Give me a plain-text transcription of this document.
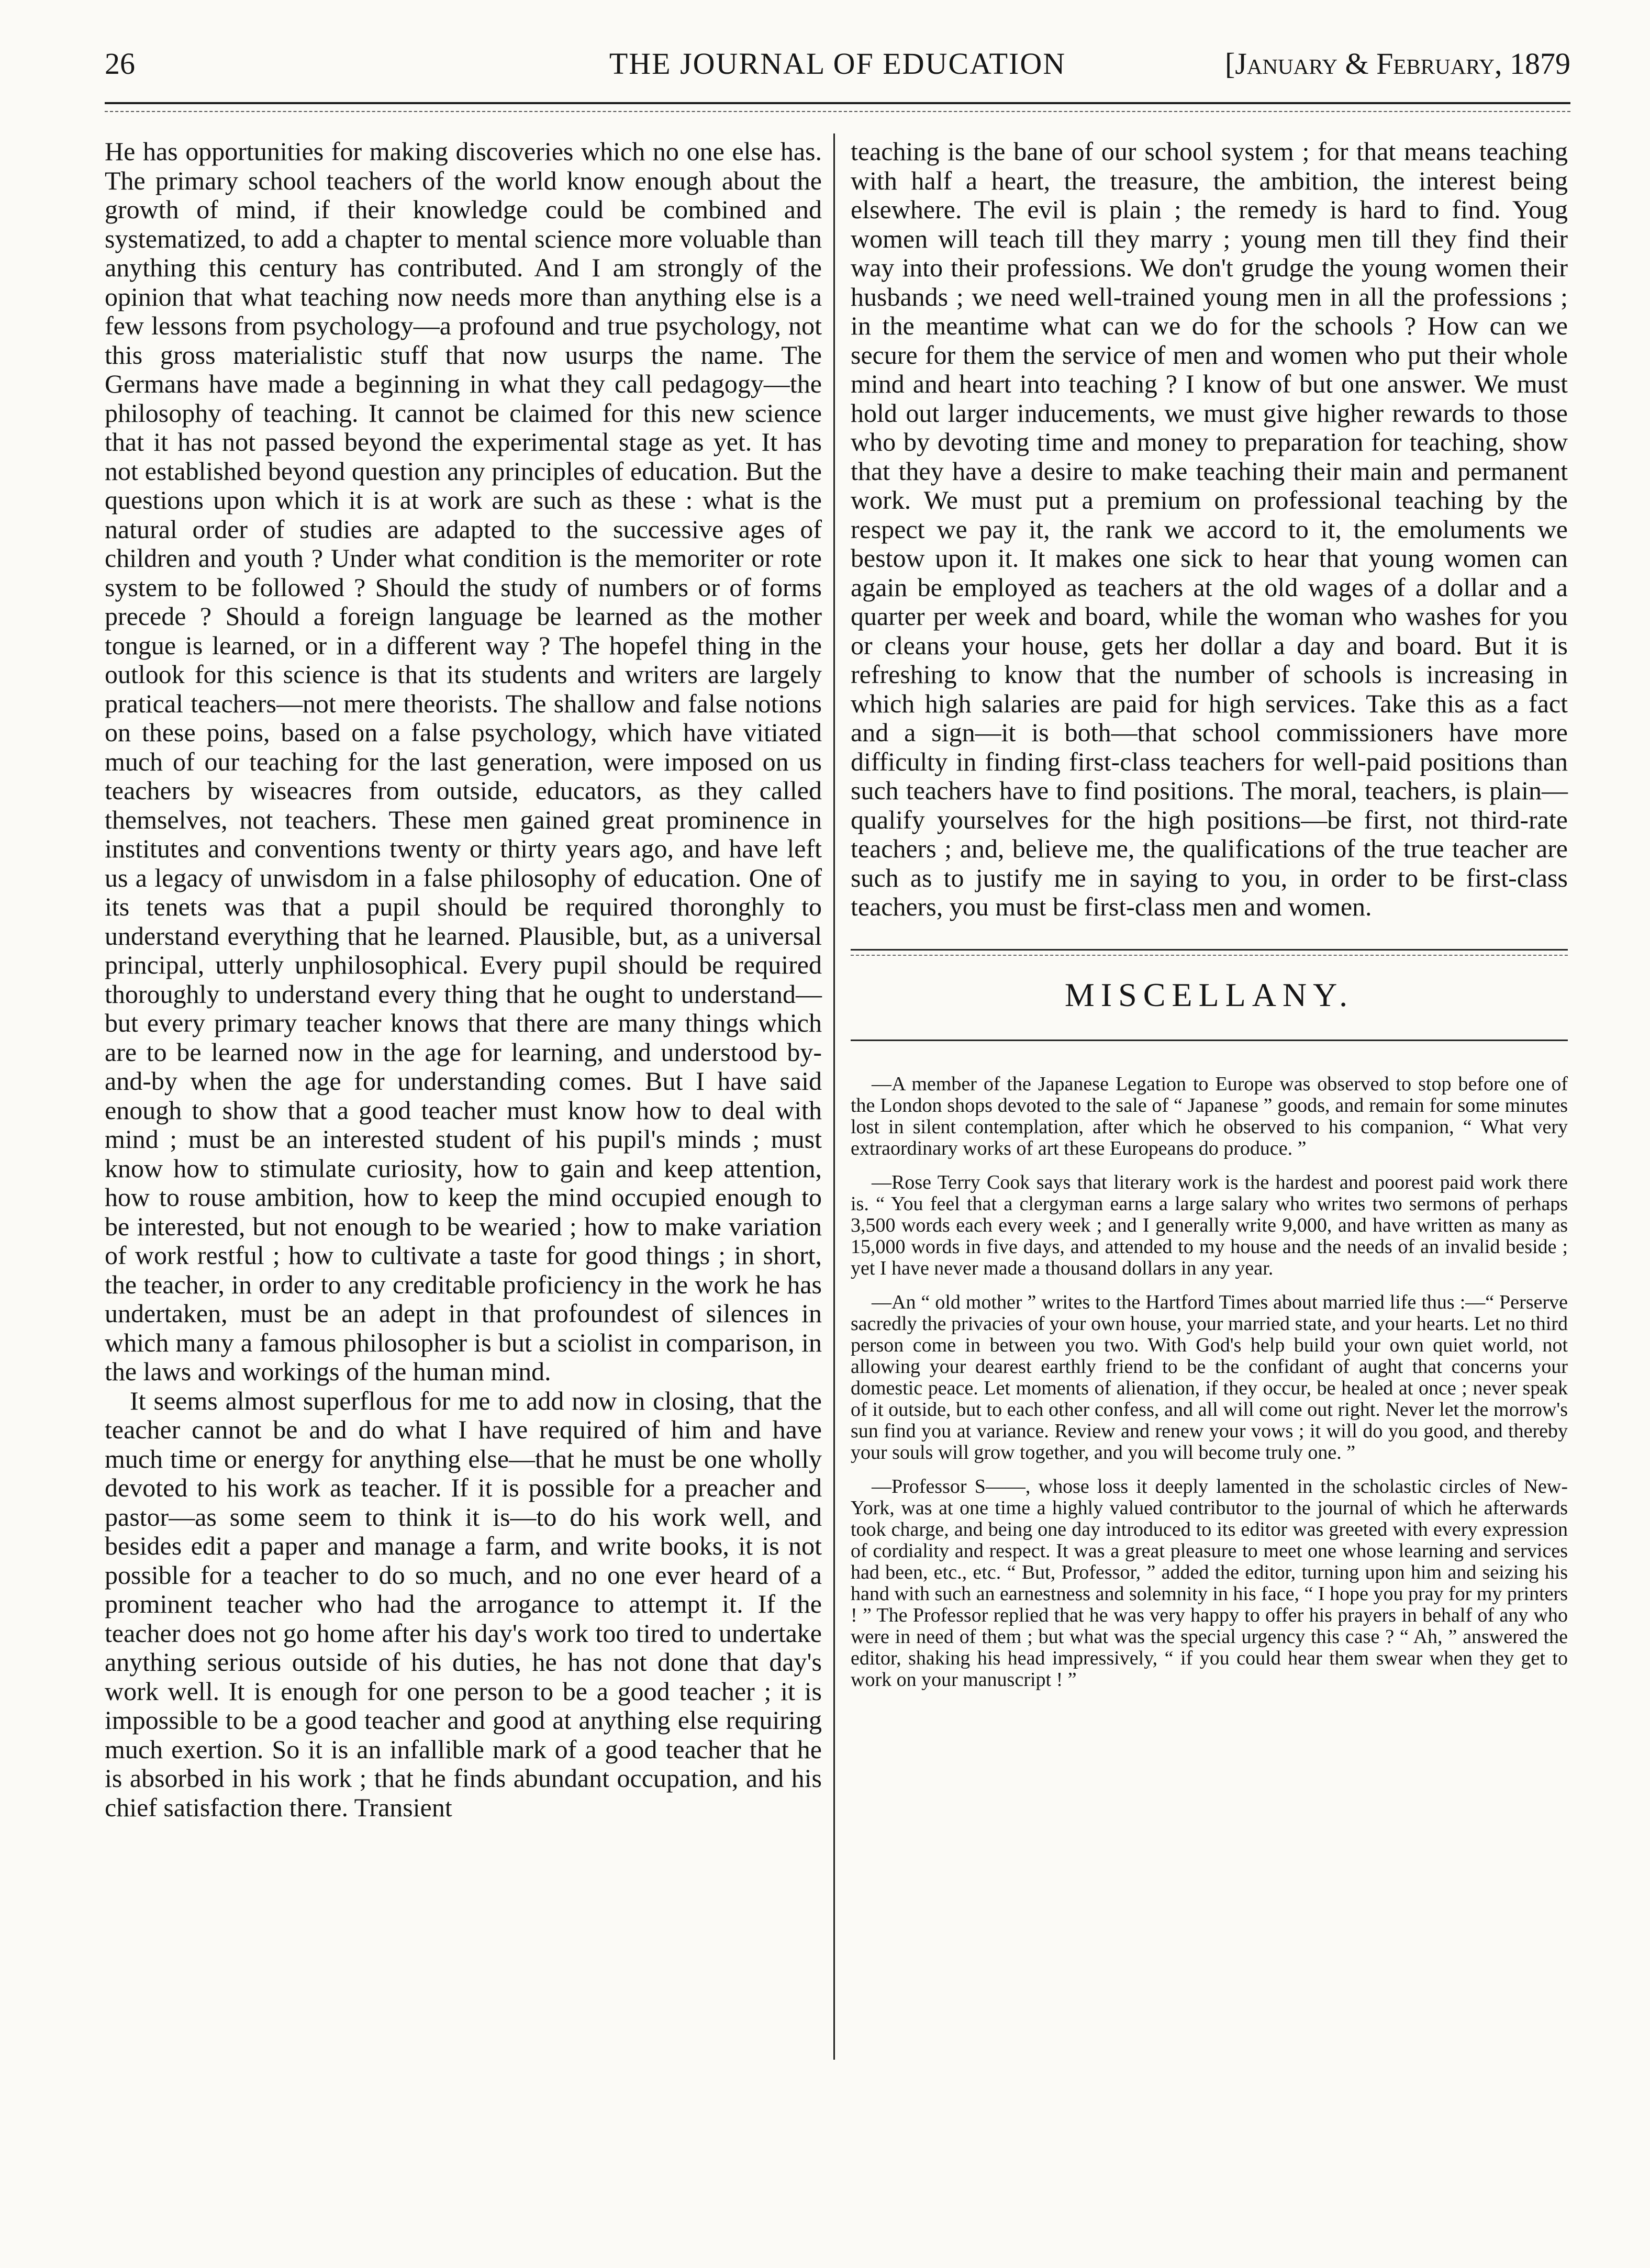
26	THE JOURNAL OF EDUCATION	[January & February, 1879

He has opportunities for making discoveries which no one else has. The primary school teachers of the world know enough about the growth of mind, if their knowledge could be combined and systematized, to add a chapter to mental science more voluable than anything this century has contributed. And I am strongly of the opinion that what teaching now needs more than anything else is a few lessons from psychology—a profound and true psychology, not this gross materialistic stuff that now usurps the name. The Germans have made a beginning in what they call pedagogy—the philosophy of teaching. It cannot be claimed for this new science that it has not passed beyond the experimental stage as yet. It has not established beyond question any principles of education. But the questions upon which it is at work are such as these : what is the natural order of studies are adapted to the successive ages of children and youth ? Under what condition is the memoriter or rote system to be followed ? Should the study of numbers or of forms precede ? Should a foreign language be learned as the mother tongue is learned, or in a different way ? The hopefel thing in the outlook for this science is that its students and writers are largely pratical teachers—not mere theorists. The shallow and false notions on these poins, based on a false psychology, which have vitiated much of our teaching for the last generation, were imposed on us teachers by wiseacres from outside, educators, as they called themselves, not teachers. These men gained great prominence in institutes and conventions twenty or thirty years ago, and have left us a legacy of unwisdom in a false philosophy of education. One of its tenets was that a pupil should be required thoronghly to understand everything that he learned. Plausible, but, as a universal principal, utterly unphilosophical. Every pupil should be required thoroughly to understand every thing that he ought to understand—but every primary teacher knows that there are many things which are to be learned now in the age for learning, and understood by-and-by when the age for understanding comes. But I have said enough to show that a good teacher must know how to deal with mind ; must be an interested student of his pupil's minds ; must know how to stimulate curiosity, how to gain and keep attention, how to rouse ambition, how to keep the mind occupied enough to be interested, but not enough to be wearied ; how to make variation of work restful ; how to cultivate a taste for good things ; in short, the teacher, in order to any creditable proficiency in the work he has undertaken, must be an adept in that profoundest of silences in which many a famous philosopher is but a sciolist in comparison, in the laws and workings of the human mind.

It seems almost superflous for me to add now in closing, that the teacher cannot be and do what I have required of him and have much time or energy for anything else—that he must be one wholly devoted to his work as teacher. If it is possible for a preacher and pastor—as some seem to think it is—to do his work well, and besides edit a paper and manage a farm, and write books, it is not possible for a teacher to do so much, and no one ever heard of a prominent teacher who had the arrogance to attempt it. If the teacher does not go home after his day's work too tired to undertake anything serious outside of his duties, he has not done that day's work well. It is enough for one person to be a good teacher ; it is impossible to be a good teacher and good at anything else requiring much exertion. So it is an infallible mark of a good teacher that he is absorbed in his work ; that he finds abundant occupation, and his chief satisfaction there. Transient

teaching is the bane of our school system ; for that means teaching with half a heart, the treasure, the ambition, the interest being elsewhere. The evil is plain ; the remedy is hard to find. Youg women will teach till they marry ; young men till they find their way into their professions. We don't grudge the young women their husbands ; we need well-trained young men in all the professions ; in the meantime what can we do for the schools ? How can we secure for them the service of men and women who put their whole mind and heart into teaching ? I know of but one answer. We must hold out larger inducements, we must give higher rewards to those who by devoting time and money to preparation for teaching, show that they have a desire to make teaching their main and permanent work. We must put a premium on professional teaching by the respect we pay it, the rank we accord to it, the emoluments we bestow upon it. It makes one sick to hear that young women can again be employed as teachers at the old wages of a dollar and a quarter per week and board, while the woman who washes for you or cleans your house, gets her dollar a day and board. But it is refreshing to know that the number of schools is increasing in which high salaries are paid for high services. Take this as a fact and a sign—it is both—that school commissioners have more difficulty in finding first-class teachers for well-paid positions than such teachers have to find positions. The moral, teachers, is plain—qualify yourselves for the high positions—be first, not third-rate teachers ; and, believe me, the qualifications of the true teacher are such as to justify me in saying to you, in order to be first-class teachers, you must be first-class men and women.

MISCELLANY.

—A member of the Japanese Legation to Europe was observed to stop before one of the London shops devoted to the sale of “ Japanese ” goods, and remain for some minutes lost in silent contemplation, after which he observed to his companion, “ What very extraordinary works of art these Europeans do produce. ”

—Rose Terry Cook says that literary work is the hardest and poorest paid work there is. “ You feel that a clergyman earns a large salary who writes two sermons of perhaps 3,500 words each every week ; and I generally write 9,000, and have written as many as 15,000 words in five days, and attended to my house and the needs of an invalid beside ; yet I have never made a thousand dollars in any year.

—An “ old mother ” writes to the Hartford Times about married life thus :—“ Perserve sacredly the privacies of your own house, your married state, and your hearts. Let no third person come in between you two. With God's help build your own quiet world, not allowing your dearest earthly friend to be the confidant of aught that concerns your domestic peace. Let moments of alienation, if they occur, be healed at once ; never speak of it outside, but to each other confess, and all will come out right. Never let the morrow's sun find you at variance. Review and renew your vows ; it will do you good, and thereby your souls will grow together, and you will become truly one. ”

—Professor S——, whose loss it deeply lamented in the scholastic circles of New-York, was at one time a highly valued contributor to the journal of which he afterwards took charge, and being one day introduced to its editor was greeted with every expression of cordiality and respect. It was a great pleasure to meet one whose learning and services had been, etc., etc. “ But, Professor, ” added the editor, turning upon him and seizing his hand with such an earnestness and solemnity in his face, “ I hope you pray for my printers ! ” The Professor replied that he was very happy to offer his prayers in behalf of any who were in need of them ; but what was the special urgency this case ? “ Ah, ” answered the editor, shaking his head impressively, “ if you could hear them swear when they get to work on your manuscript ! ”
